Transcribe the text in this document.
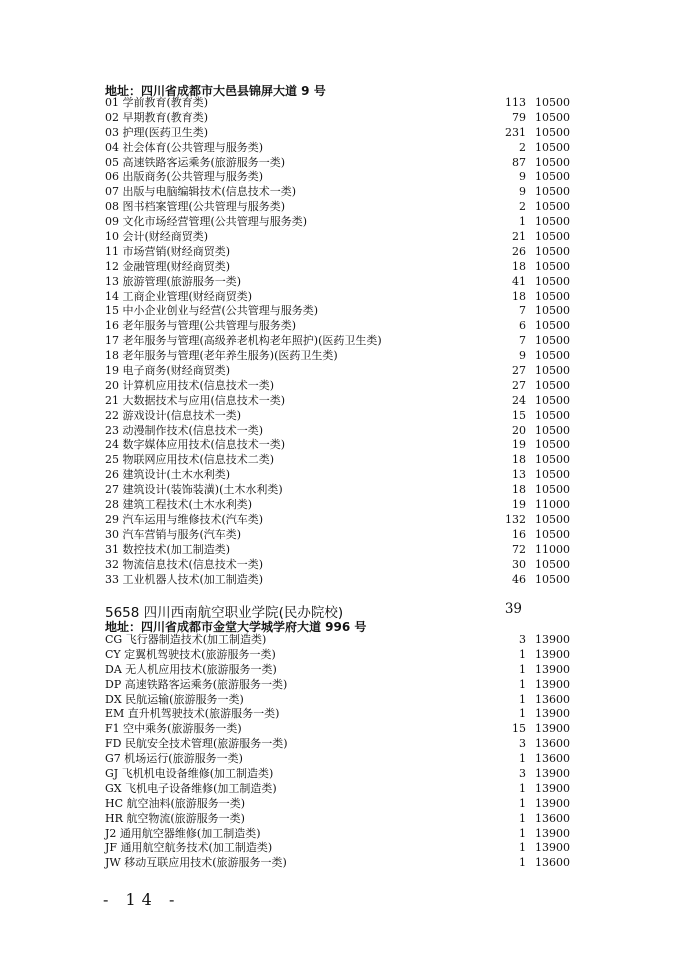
地址：四川省成都市大邑县锦屏大道 9 号
01 学前教育(教育类)	113 10500
02 早期教育(教育类)	79 10500
03 护理(医药卫生类)	231 10500
04 社会体育(公共管理与服务类)	2 10500
05 高速铁路客运乘务(旅游服务一类)	87 10500
06 出版商务(公共管理与服务类)	9 10500
07 出版与电脑编辑技术(信息技术一类)	9 10500
08 图书档案管理(公共管理与服务类)	2 10500
09 文化市场经营管理(公共管理与服务类)	1 10500
10 会计(财经商贸类)	21 10500
11 市场营销(财经商贸类)	26 10500
12 金融管理(财经商贸类)	18 10500
13 旅游管理(旅游服务一类)	41 10500
14 工商企业管理(财经商贸类)	18 10500
15 中小企业创业与经营(公共管理与服务类)	7 10500
16 老年服务与管理(公共管理与服务类)	6 10500
17 老年服务与管理(高级养老机构老年照护)(医药卫生类)	7 10500
18 老年服务与管理(老年养生服务)(医药卫生类)	9 10500
19 电子商务(财经商贸类)	27 10500
20 计算机应用技术(信息技术一类)	27 10500
21 大数据技术与应用(信息技术一类)	24 10500
22 游戏设计(信息技术一类)	15 10500
23 动漫制作技术(信息技术一类)	20 10500
24 数字媒体应用技术(信息技术一类)	19 10500
25 物联网应用技术(信息技术二类)	18 10500
26 建筑设计(土木水利类)	13 10500
27 建筑设计(装饰装潢)(土木水利类)	18 10500
28 建筑工程技术(土木水利类)	19 11000
29 汽车运用与维修技术(汽车类)	132 10500
30 汽车营销与服务(汽车类)	16 10500
31 数控技术(加工制造类)	72 11000
32 物流信息技术(信息技术一类)	30 10500
33 工业机器人技术(加工制造类)	46 10500
5658 四川西南航空职业学院(民办院校)	39
地址：四川省成都市金堂大学城学府大道 996 号
CG 飞行器制造技术(加工制造类)	3 13900
CY 定翼机驾驶技术(旅游服务一类)	1 13900
DA 无人机应用技术(旅游服务一类)	1 13900
DP 高速铁路客运乘务(旅游服务一类)	1 13900
DX 民航运输(旅游服务一类)	1 13600
EM 直升机驾驶技术(旅游服务一类)	1 13900
F1 空中乘务(旅游服务一类)	15 13900
FD 民航安全技术管理(旅游服务一类)	3 13600
G7 机场运行(旅游服务一类)	1 13600
GJ 飞机机电设备维修(加工制造类)	3 13900
GX 飞机电子设备维修(加工制造类)	1 13900
HC 航空油料(旅游服务一类)	1 13900
HR 航空物流(旅游服务一类)	1 13600
J2 通用航空器维修(加工制造类)	1 13900
JF 通用航空航务技术(加工制造类)	1 13900
JW 移动互联应用技术(旅游服务一类)	1 13600
- 14 -
